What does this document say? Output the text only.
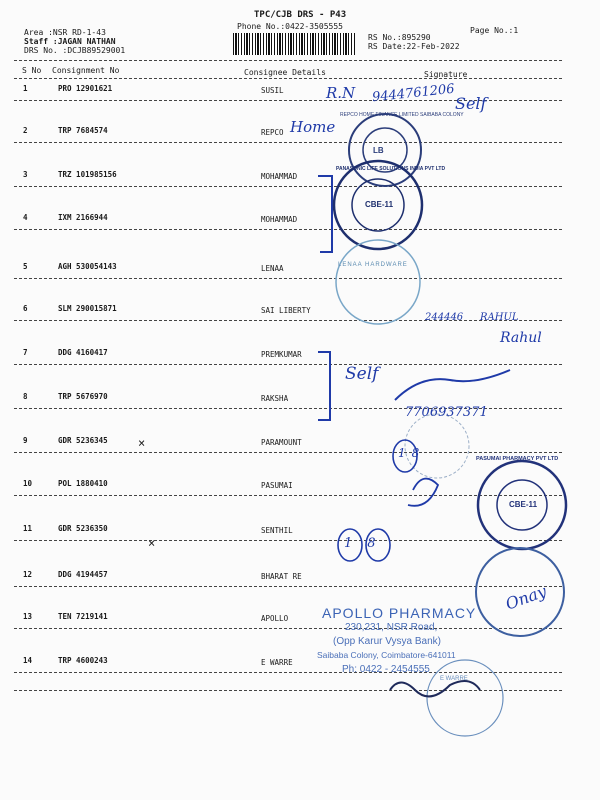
TPC/CJB DRS - P43
Phone No.:0422-3505555	Page No.:1
Area :NSR RD-1-43
Staff :JAGAN NATHAN
DRS No. :DCJB89529001
RS No.:895290
RS Date:22-Feb-2022
S No Consignment No	Consignee Details	Signature
1	PRO 12901621	SUSIL
2	TRP 7684574	REPCO
3	TRZ 101985156	MOHAMMAD
4	IXM 2166944	MOHAMMAD
5	AGH 530054143	LENAA
6	SLM 290015871	SAI LIBERTY
7	DDG 4160417	PREMKUMAR
8	TRP 5676970	RAKSHA
9	GDR 5236345	PARAMOUNT
10	POL 1880410	PASUMAI
11	GDR 5236350	SENTHIL
12	DDG 4194457	BHARAT RE
13	TEN 7219141	APOLLO
14	TRP 4600243	E WARRE
R.N 9444761206 Self
Home
244446 RAHUL
Rahul
Self
7706937371
×
×
18
18
Onay
LB
CBE-11
LENAA HARDWARE
CBE-11
PASUMAI PHARMACY PVT LTD
REPCO HOME FINANCE LIMITED SAIBABA COLONY
PANASONIC LIFE SOLUTIONS INDIA PVT LTD
APOLLO PHARMACY
230,231, NSR Road,
(Opp Karur Vysya Bank)
Saibaba Colony, Coimbatore-641011
Ph: 0422 - 2454555
E WARRE
